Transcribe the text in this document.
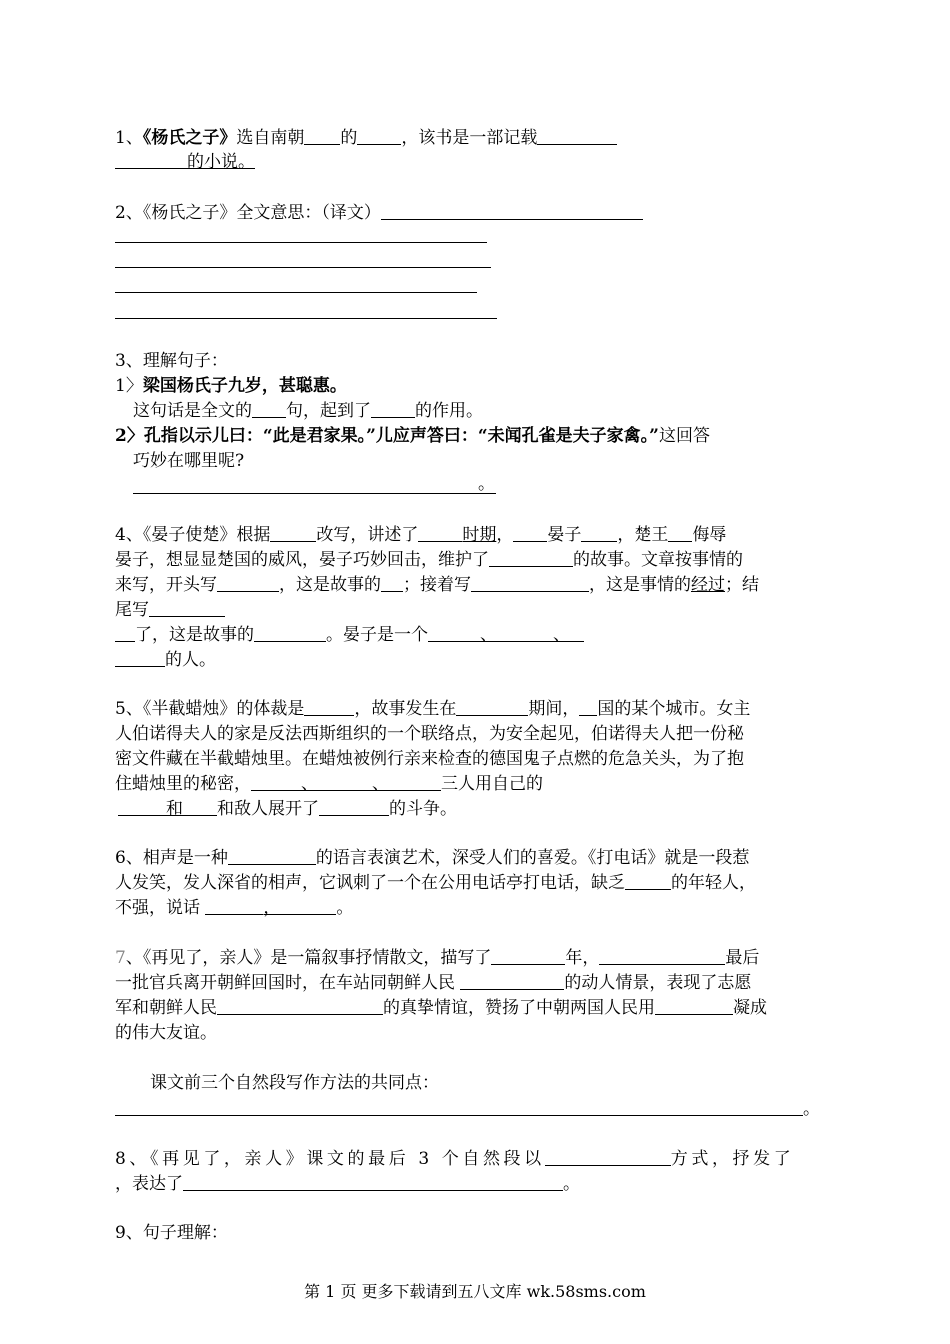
1、《杨氏之子》选自南朝 的	，该书是一部记载
的小说。
2、《杨氏之子》全文意思：（译文）
3、理解句子：
1〉梁国杨氏子九岁，甚聪惠。
这句话是全文的 句，起到了	的作用。
2〉孔指以示儿曰：“此是君家果。”儿应声答曰：“未闻孔雀是夫子家禽。”这回答
巧妙在哪里呢?
。
4、《晏子使楚》根据	改写，讲述了	时期， 晏子 ，楚王 侮辱
晏子，想显显楚国的威风，晏子巧妙回击，维护了	的故事。文章按事情的
来写，开头写	，这是故事的 ；接着写	，这是事情的经过；结
尾写
了，这是故事的	。晏子是一个	、	、
的人。
5、《半截蜡烛》的体裁是	，故事发生在	期间， 国的某个城市。女主
人伯诺得夫人的家是反法西斯组织的一个联络点，为安全起见，伯诺得夫人把一份秘
密文件藏在半截蜡烛里。在蜡烛被例行亲来检查的德国鬼子点燃的危急关头，为了抱
住蜡烛里的秘密，	、	、	三人用自己的
和 和敌人展开了	的斗争。
6、相声是一种	的语言表演艺术，深受人们的喜爱。《打电话》就是一段惹
人发笑，发人深省的相声，它讽刺了一个在公用电话亭打电话，缺乏	的年轻人，
不强，说话	，	。
7、《再见了，亲人》是一篇叙事抒情散文，描写了	年，	最后
一批官兵离开朝鲜回国时，在车站同朝鲜人民	的动人情景，表现了志愿
军和朝鲜人民	的真挚情谊，赞扬了中朝两国人民用	凝成
的伟大友谊。
课文前三个自然段写作方法的共同点：
。
8、《再见了，亲人》课文的最后 3 个自然段以	方式，抒发了
，表达了	。
9、句子理解：
第 1 页 更多下载请到五八文库 wk.58sms.com
